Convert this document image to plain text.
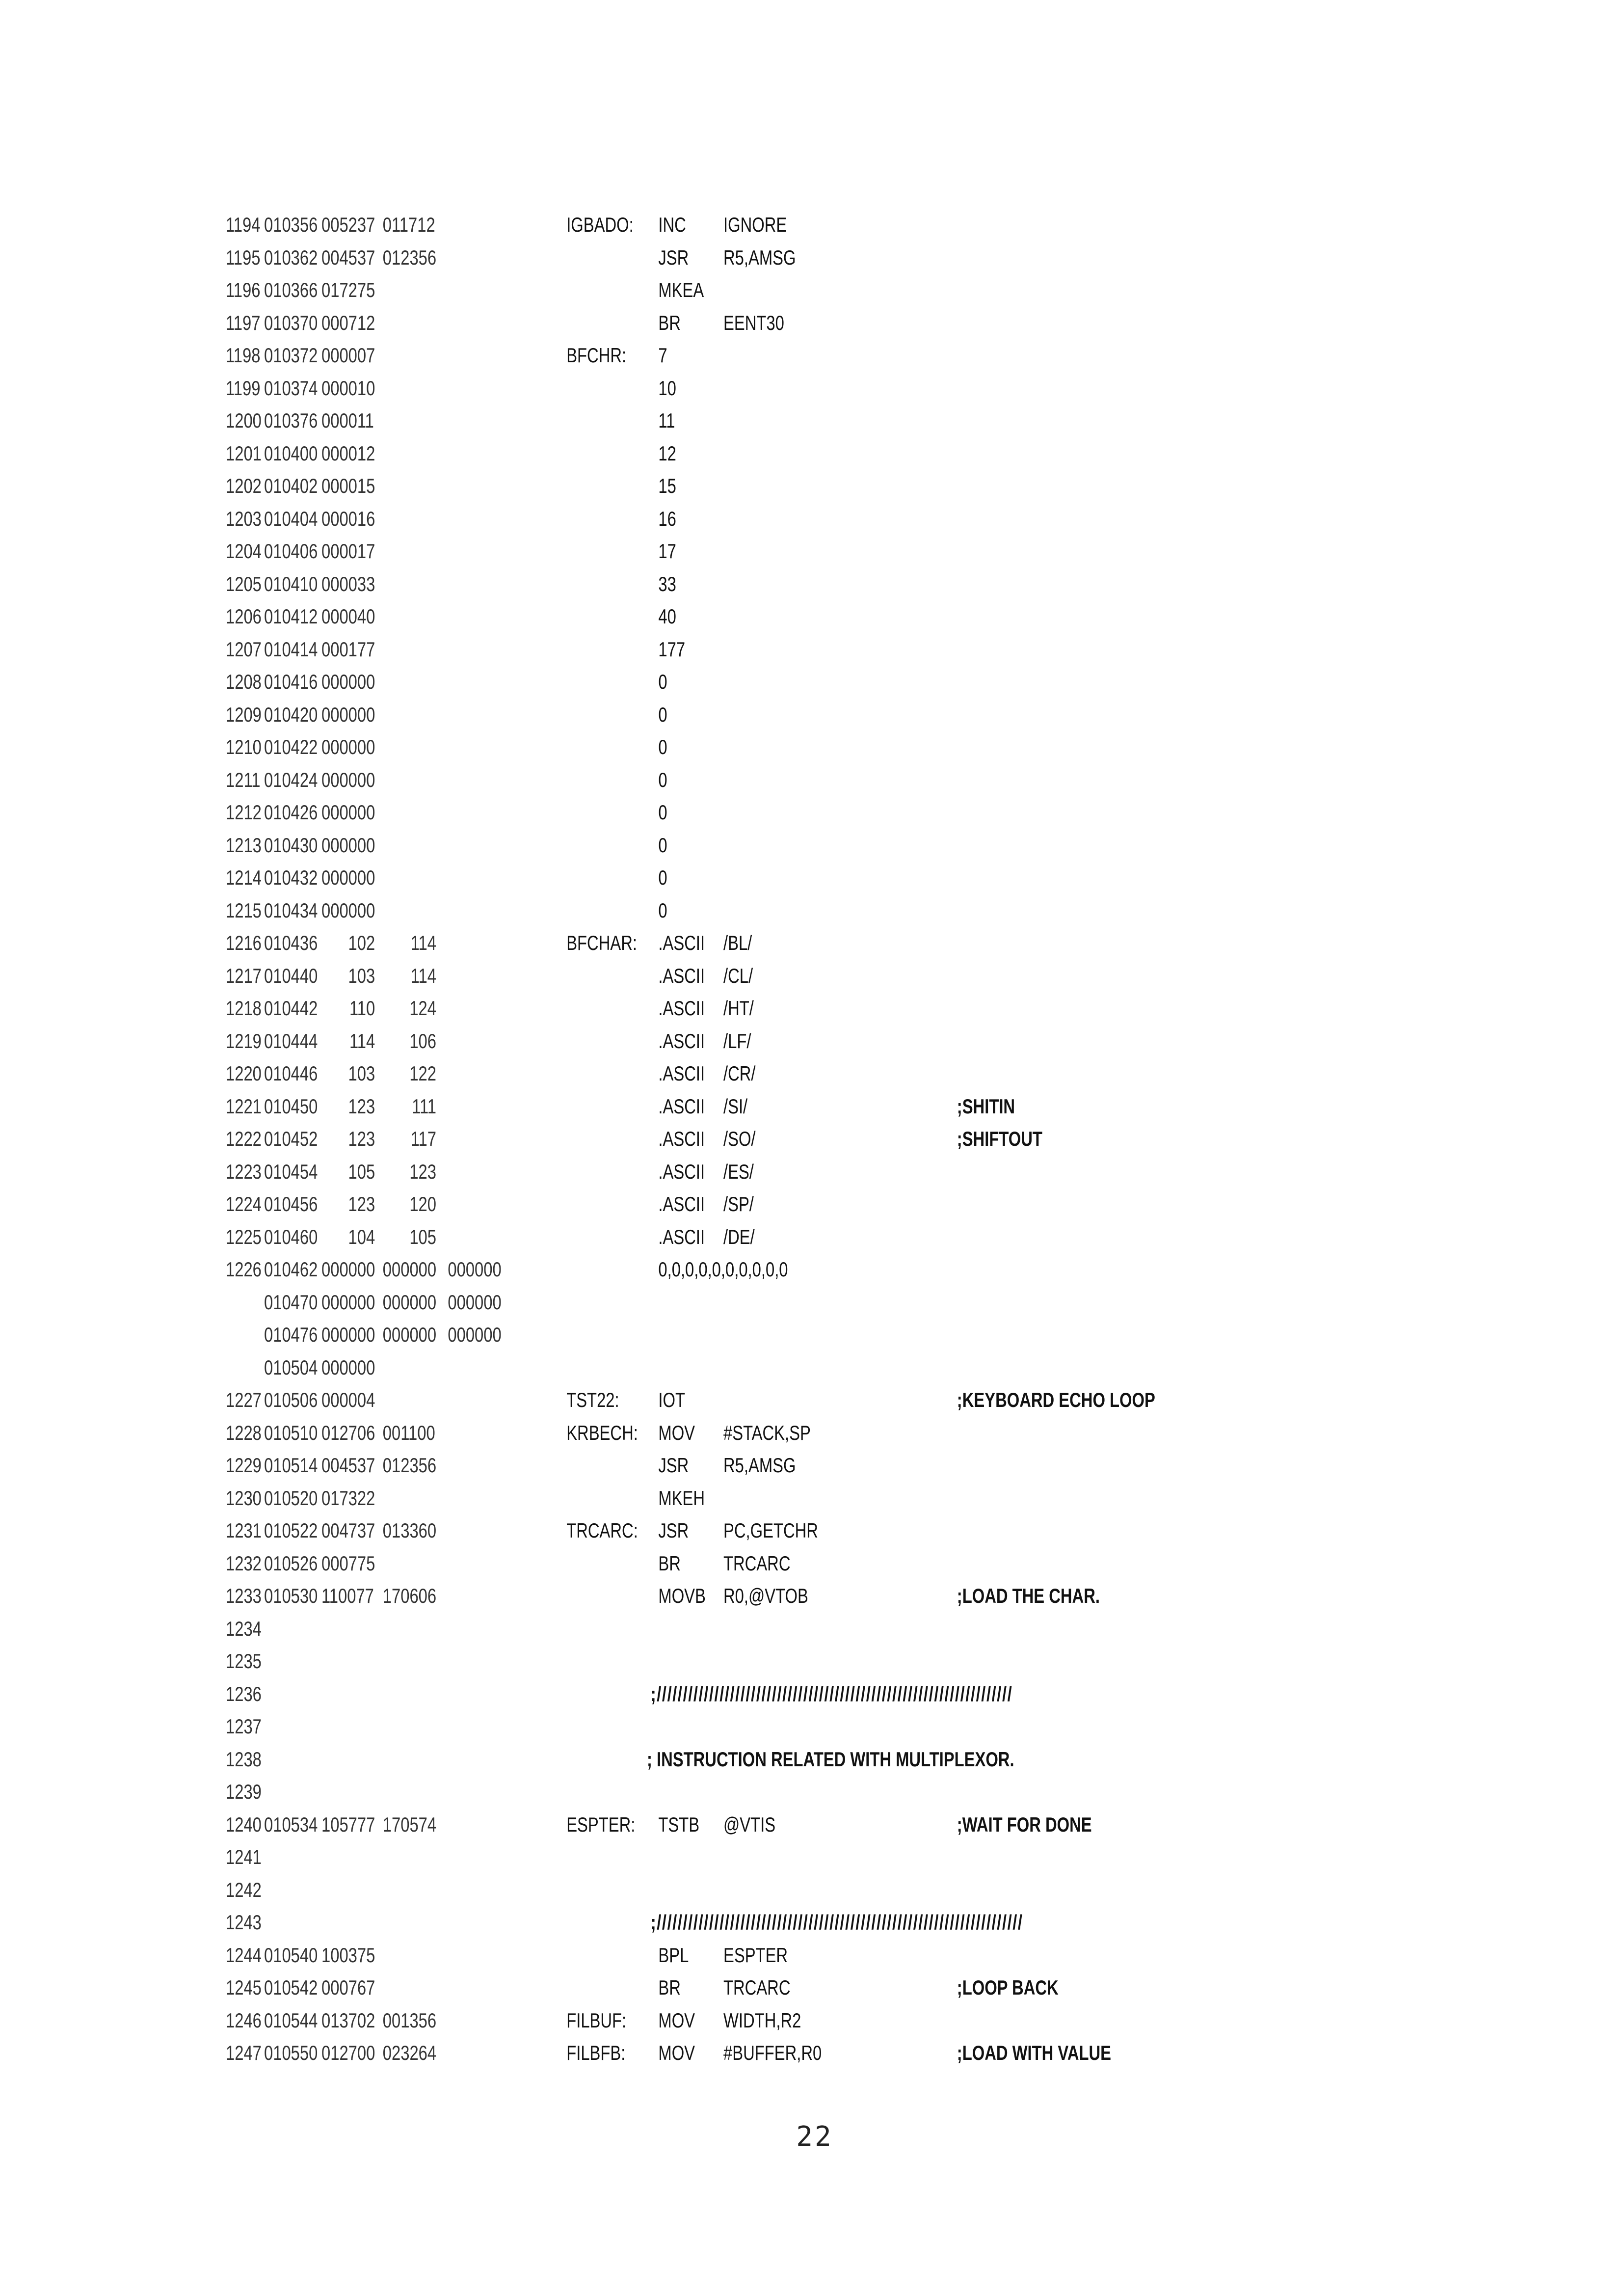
1194 010356 005237 011712	IGBADO: INC IGNORE
1195 010362 004537 012356	JSR R5,AMSG
1196 010366 017275	MKEA
1197 010370 000712	BR EENT30
1198 010372 000007	BFCHR: 7
1199 010374 000010	10
1200 010376 000011	11
1201 010400 000012	12
1202 010402 000015	15
1203 010404 000016	16
1204 010406 000017	17
1205 010410 000033	33
1206 010412 000040	40
1207 010414 000177	177
1208 010416 000000	0
1209 010420 000000	0
1210 010422 000000	0
1211 010424 000000	0
1212 010426 000000	0
1213 010430 000000	0
1214 010432 000000	0
1215 010434 000000	0
1216 010436	102	114	BFCHAR: .ASCII /BL/
1217 010440	103	114	.ASCII /CL/
1218 010442	110	124	.ASCII /HT/
1219 010444	114	106	.ASCII /LF/
1220 010446	103	122	.ASCII /CR/
1221 010450	123	111	.ASCII /SI/	;SHITIN
1222 010452	123	117	.ASCII /SO/	;SHIFTOUT
1223 010454	105	123	.ASCII /ES/
1224 010456	123	120	.ASCII /SP/
1225 010460	104	105	.ASCII /DE/
1226 010462 000000 000000 000000	0,0,0,0,0,0,0,0,0,0
010470 000000 000000 000000
010476 000000 000000 000000
010504 000000
1227 010506 000004	TST22: IOT	;KEYBOARD ECHO LOOP
1228 010510 012706 001100	KRBECH: MOV #STACK,SP
1229 010514 004537 012356	JSR R5,AMSG
1230 010520 017322	MKEH
1231 010522 004737 013360	TRCARC: JSR PC,GETCHR
1232 010526 000775	BR TRCARC
1233 010530 110077 170606	MOVB R0,@VTOB	;LOAD THE CHAR.
1234
1235
1236	;////////////////////////////////////////////////////////////////////
1237
1238	; INSTRUCTION RELATED WITH MULTIPLEXOR.
1239
1240 010534 105777 170574	ESPTER: TSTB @VTIS	;WAIT FOR DONE
1241
1242
1243	;//////////////////////////////////////////////////////////////////////
1244 010540 100375	BPL ESPTER
1245 010542 000767	BR TRCARC	;LOOP BACK
1246 010544 013702 001356	FILBUF: MOV WIDTH,R2
1247 010550 012700 023264	FILBFB: MOV #BUFFER,R0	;LOAD WITH VALUE
22
